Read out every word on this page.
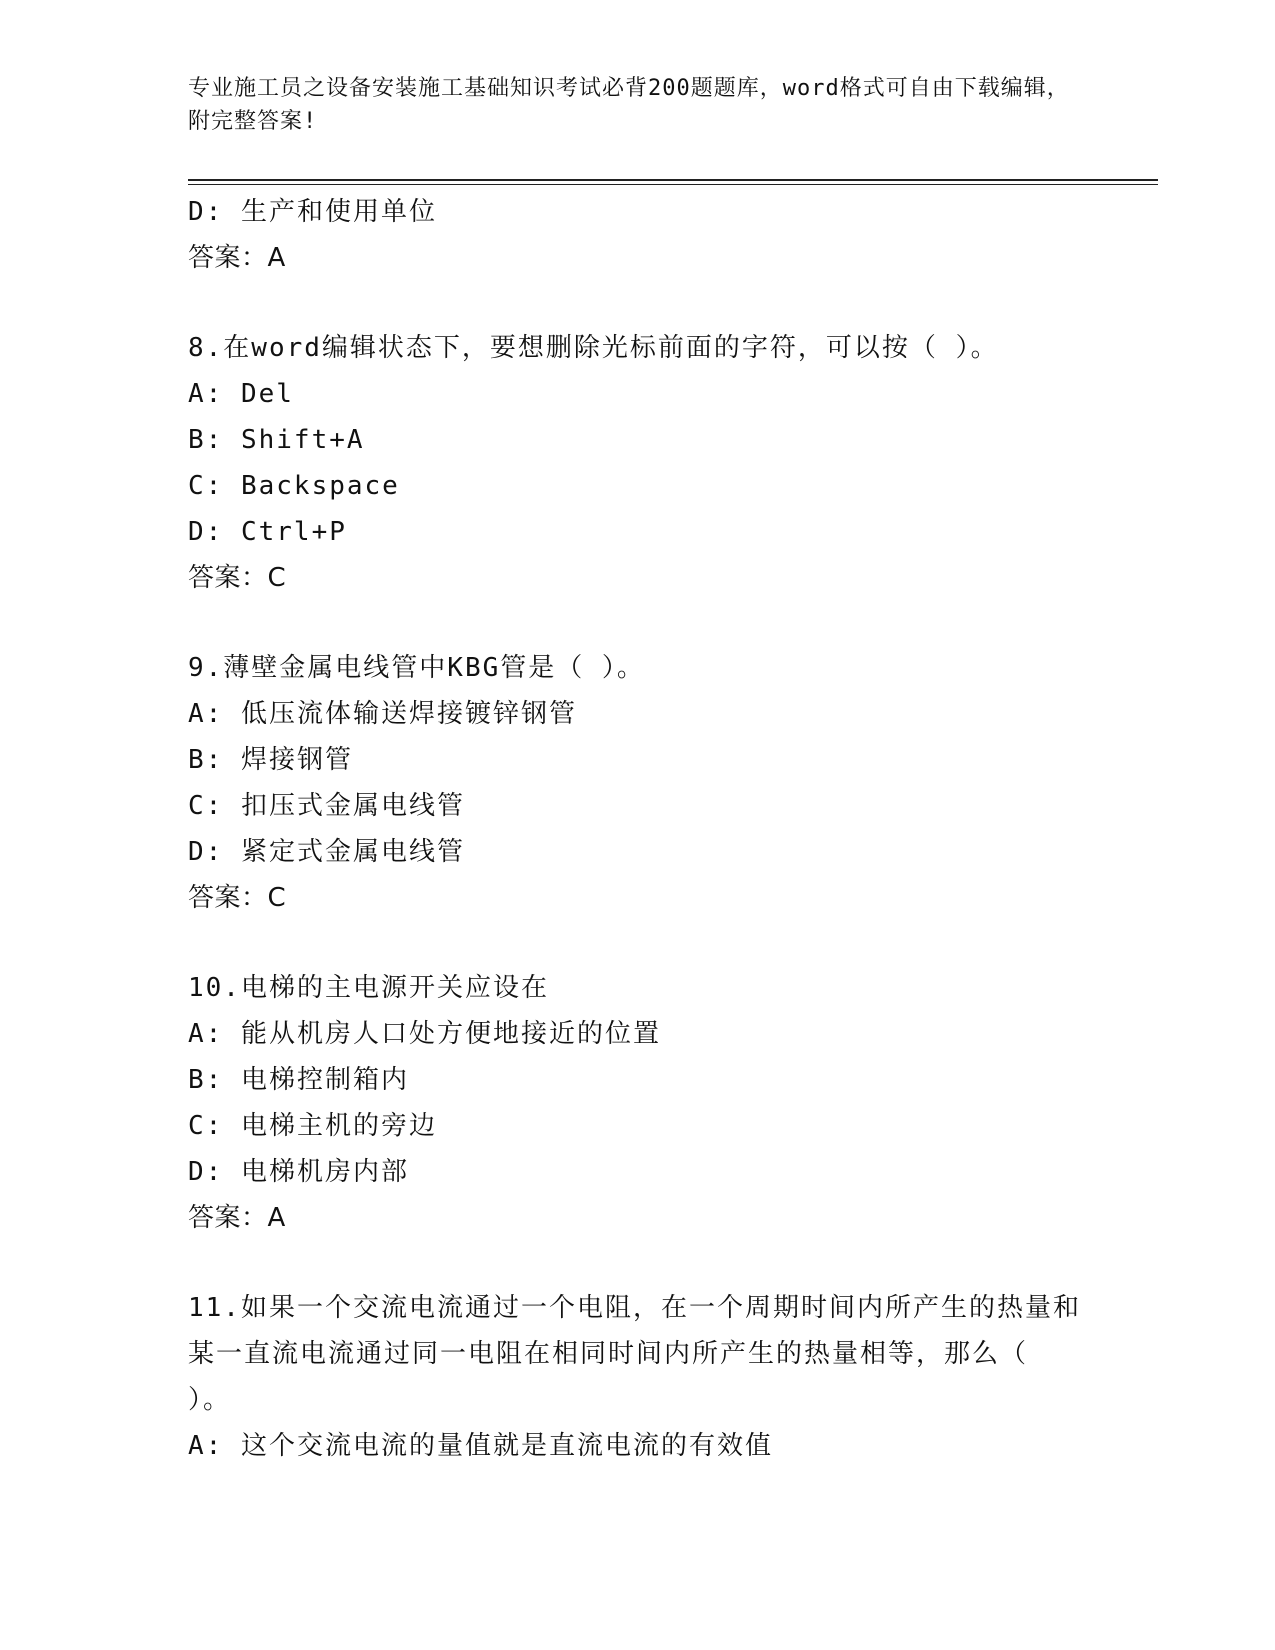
专业施工员之设备安装施工基础知识考试必背200题题库，word格式可自由下载编辑，附完整答案!
D: 生产和使用单位
答案：A
8.在word编辑状态下，要想删除光标前面的字符，可以按（ ）。
A: Del
B: Shift+A
C: Backspace
D: Ctrl+P
答案：C
9.薄壁金属电线管中KBG管是（ ）。
A: 低压流体输送焊接镀锌钢管
B: 焊接钢管
C: 扣压式金属电线管
D: 紧定式金属电线管
答案：C
10.电梯的主电源开关应设在
A: 能从机房人口处方便地接近的位置
B: 电梯控制箱内
C: 电梯主机的旁边
D: 电梯机房内部
答案：A
11.如果一个交流电流通过一个电阻，在一个周期时间内所产生的热量和某一直流电流通过同一电阻在相同时间内所产生的热量相等，那么（ ）。
A: 这个交流电流的量值就是直流电流的有效值
